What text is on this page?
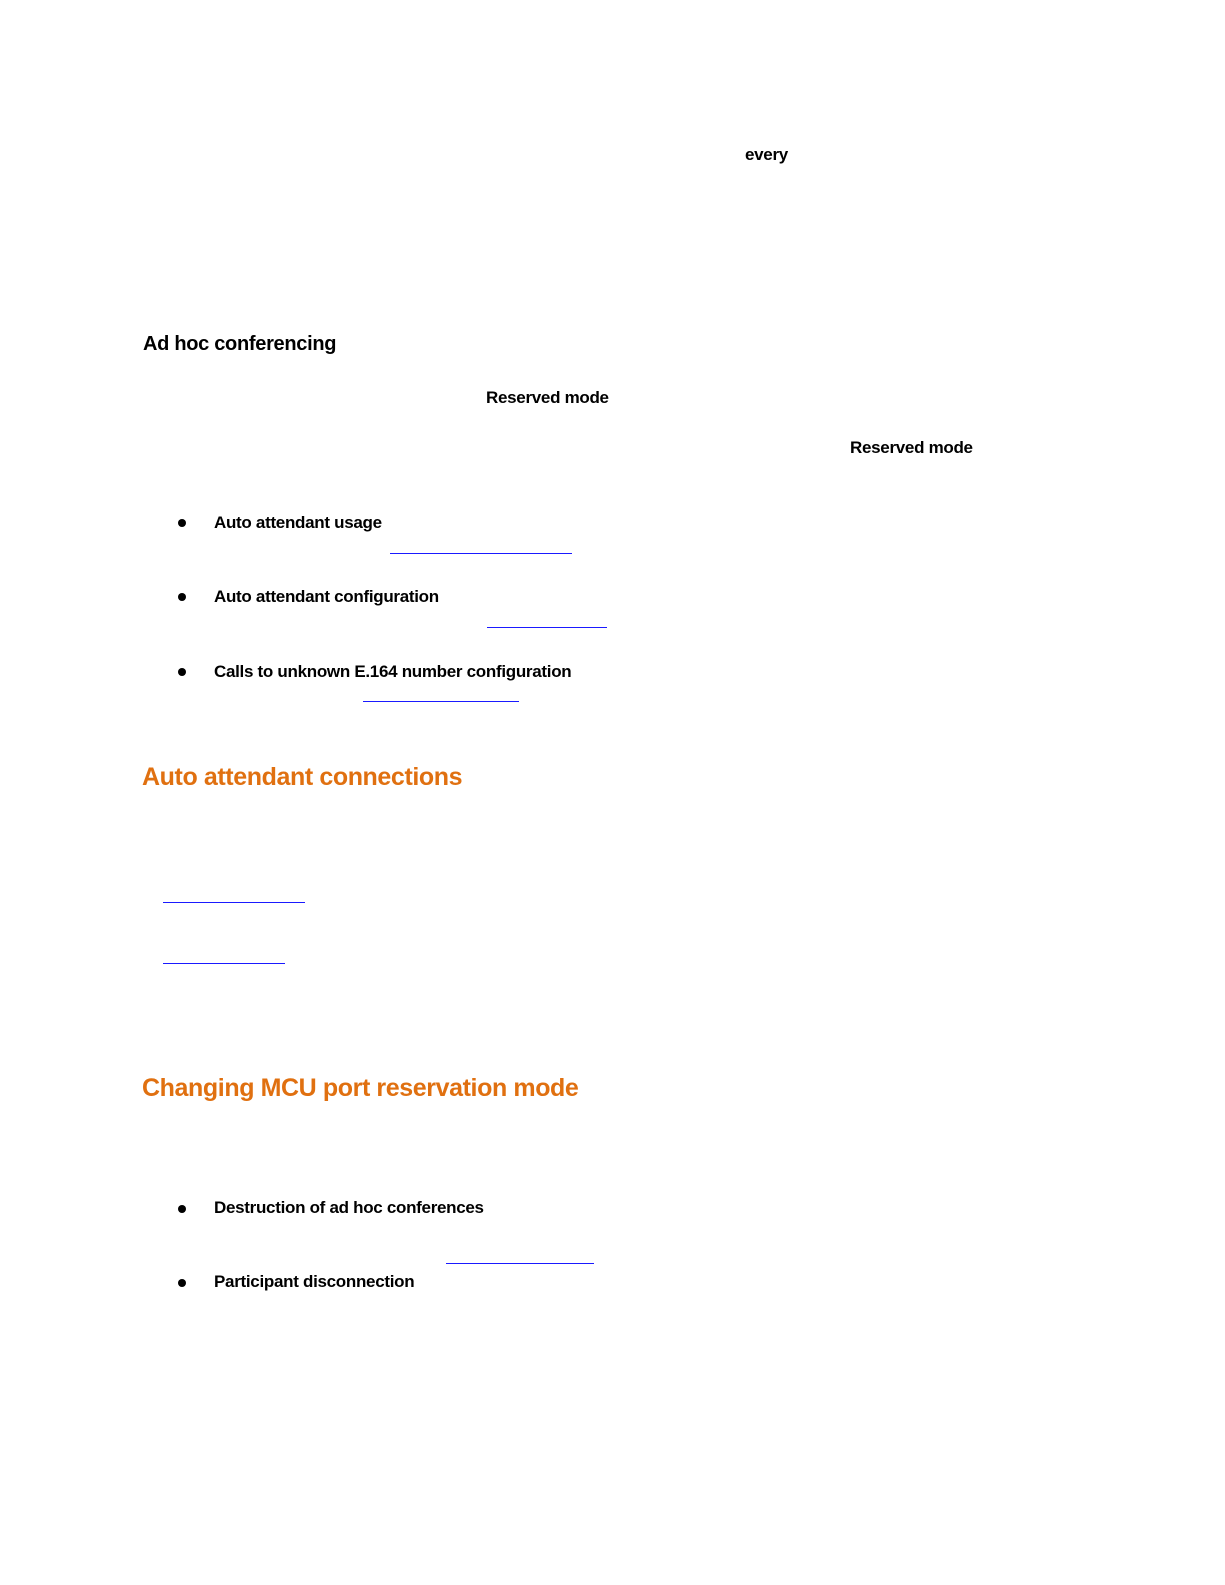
every
Ad hoc conferencing
Reserved mode
Reserved mode
Auto attendant usage
Auto attendant configuration
Calls to unknown E.164 number configuration
Auto attendant connections
Changing MCU port reservation mode
Destruction of ad hoc conferences
Participant disconnection
